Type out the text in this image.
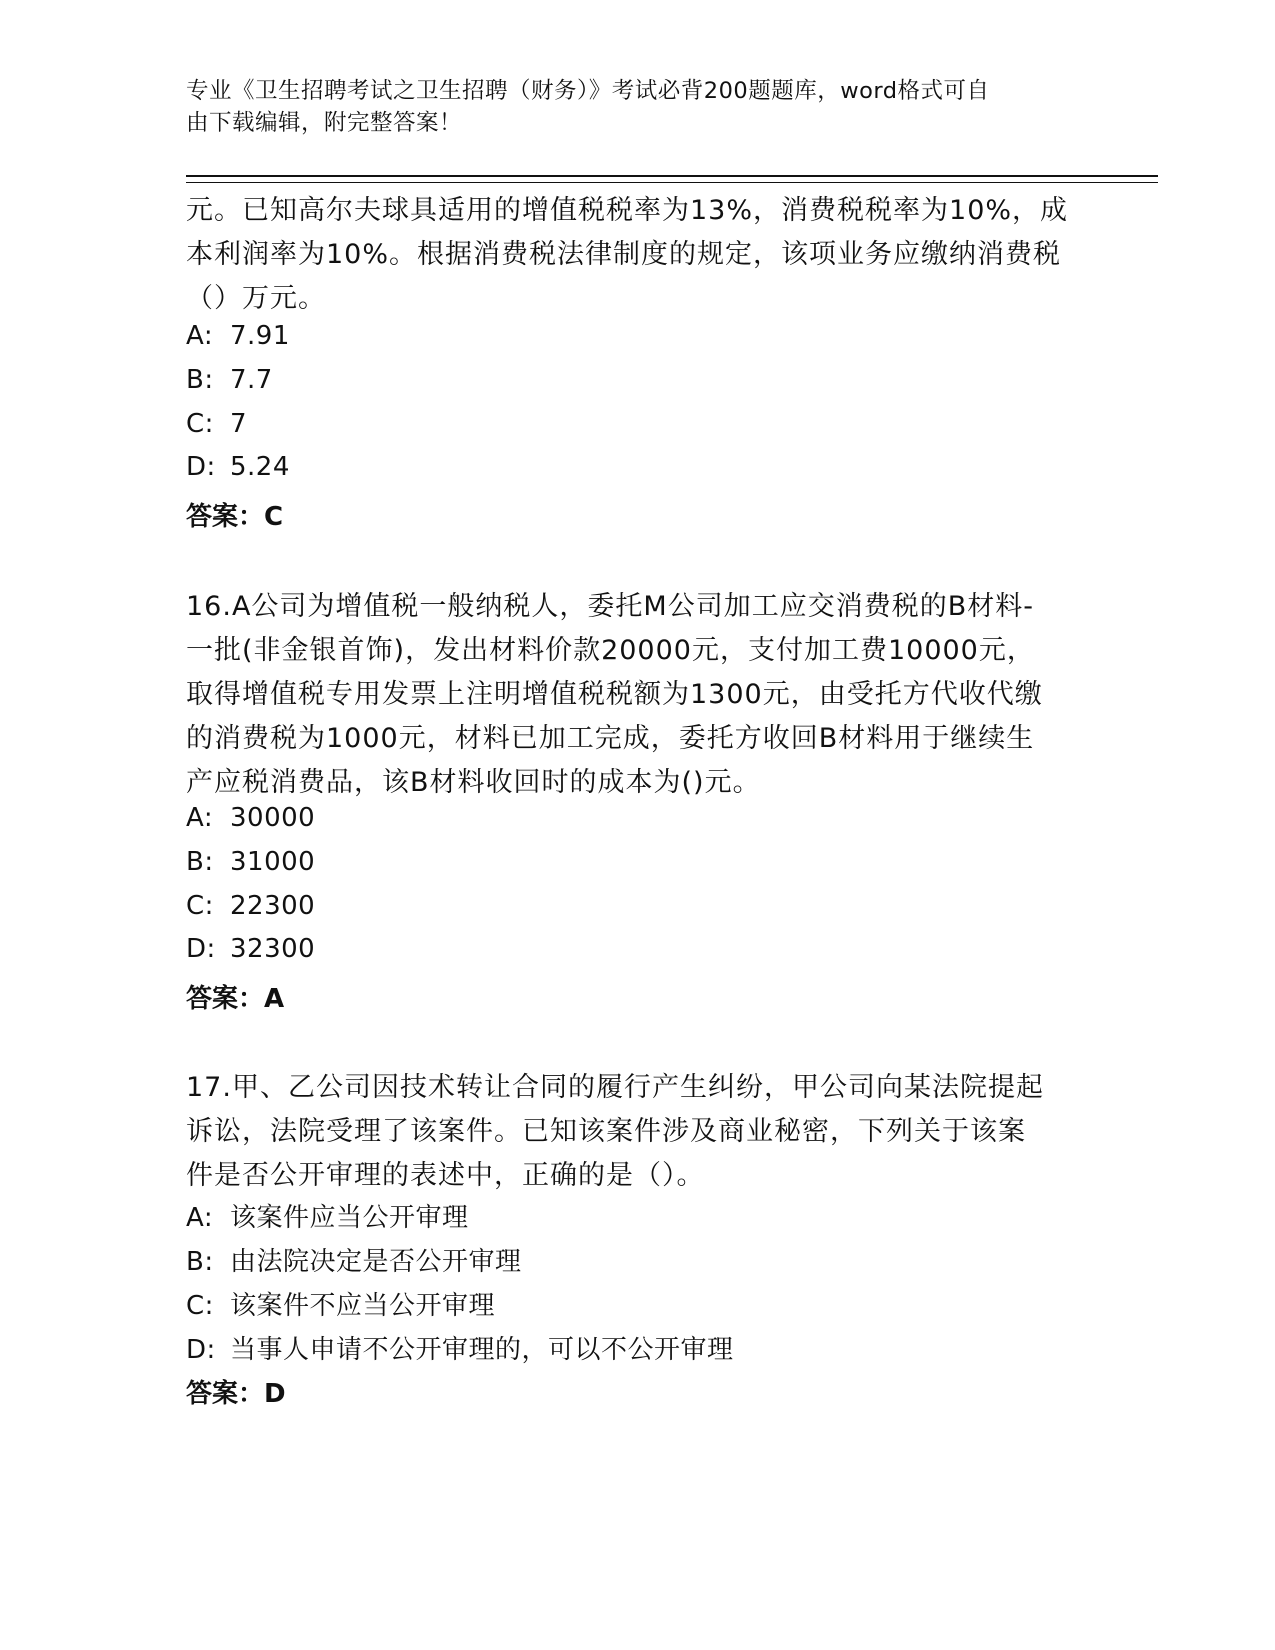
专业《卫生招聘考试之卫生招聘（财务）》考试必背200题题库，word格式可自
由下载编辑，附完整答案！
元。已知高尔夫球具适用的增值税税率为13%，消费税税率为10%，成
本利润率为10%。根据消费税法律制度的规定，该项业务应缴纳消费税
（）万元。
A: 7.91
B: 7.7
C: 7
D: 5.24
答案：C
16.A公司为增值税一般纳税人，委托M公司加工应交消费税的B材料-
一批(非金银首饰)，发出材料价款20000元，支付加工费10000元，
取得增值税专用发票上注明增值税税额为1300元，由受托方代收代缴
的消费税为1000元，材料已加工完成，委托方收回B材料用于继续生
产应税消费品，该B材料收回时的成本为()元。
A: 30000
B: 31000
C: 22300
D: 32300
答案：A
17.甲、乙公司因技术转让合同的履行产生纠纷，甲公司向某法院提起
诉讼，法院受理了该案件。已知该案件涉及商业秘密，下列关于该案
件是否公开审理的表述中，正确的是（）。
A: 该案件应当公开审理
B: 由法院决定是否公开审理
C: 该案件不应当公开审理
D: 当事人申请不公开审理的，可以不公开审理
答案：D
